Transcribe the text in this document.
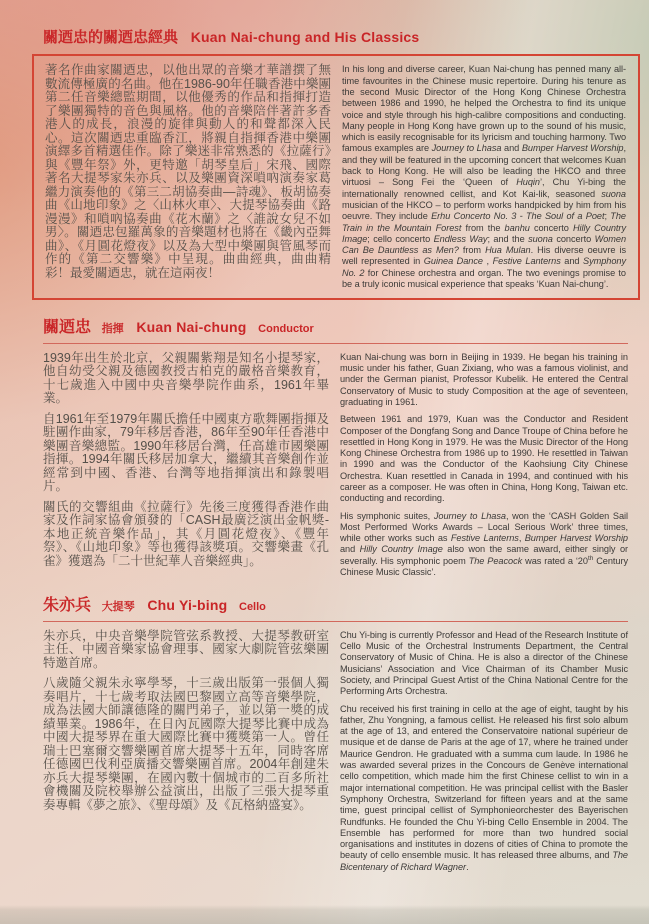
關迺忠的關迺忠經典 Kuan Nai-chung and His Classics

著名作曲家關迺忠，以他出眾的音樂才華譜撰了無數流傳極廣的名曲。他在1986-90年任職香港中樂團第二任音樂總監期間，以他優秀的作品和指揮打造了樂團獨特的音色與風格。他的音樂陪伴著許多香港人的成長，浪漫的旋律與動人的和聲都深入民心。這次關迺忠重臨香江，將親自指揮香港中樂團演繹多首精選佳作。除了樂迷非常熟悉的《拉薩行》與《豐年祭》外，更特邀「胡琴皇后」宋飛、國際著名大提琴家朱亦兵、以及樂團資深嗩吶演奏家葛繼力演奏他的《第三二胡協奏曲—詩魂》、板胡協奏曲《山地印象》之〈山林火車〉、大提琴協奏曲《路漫漫》和嗩吶協奏曲《花木蘭》之〈誰說女兒不如男〉。關迺忠包羅萬象的音樂題材也將在《畿內亞舞曲》、《月圓花燈夜》以及為大型中樂團與管風琴而作的《第二交響樂》中呈現。曲曲經典，曲曲精彩！最愛關迺忠，就在這兩夜！

In his long and diverse career, Kuan Nai-chung has penned many all-time favourites in the Chinese music repertoire. During his tenure as the second Music Director of the Hong Kong Chinese Orchestra between 1986 and 1990, he helped the Orchestra to find its unique voice and style through his high-calibre compositions and conducting. Many people in Hong Kong have grown up to the sound of his music, which is easily recognisable for its lyricism and touching harmony. Two famous examples are Journey to Lhasa and Bumper Harvest Worship, and they will be featured in the upcoming concert that welcomes Kuan back to Hong Kong. He will also be leading the HKCO and three virtuosi – Song Fei the ‘Queen of Huqin’, Chu Yi-bing the internationally renowned cellist, and Kot Kai-lik, seasoned suona musician of the HKCO – to perform works handpicked by him from his oeuvre. They include Erhu Concerto No. 3 - The Soul of a Poet; The Train in the Mountain Forest from the banhu concerto Hilly Country Image; cello concerto Endless Way; and the suona concerto Women Can Be Dauntless as Men? from Hua Mulan. His diverse oeuvre is well represented in Guinea Dance , Festive Lanterns and Symphony No. 2 for Chinese orchestra and organ. The two evenings promise to be a truly iconic musical experience that speaks ‘Kuan Nai-chung’.

關迺忠 指揮 Kuan Nai-chung Conductor

1939年出生於北京，父親關紫翔是知名小提琴家，他自幼受父親及德國教授古柏克的嚴格音樂教育，十七歲進入中國中央音樂學院作曲系，1961年畢業。

自1961年至1979年關氏擔任中國東方歌舞團指揮及駐團作曲家，79年移居香港，86年至90年任香港中樂團音樂總監。1990年移居台灣，任高雄市國樂團指揮。1994年關氏移居加拿大，繼續其音樂創作並經常到中國、香港、台灣等地指揮演出和錄製唱片。

關氏的交響組曲《拉薩行》先後三度獲得香港作曲家及作詞家協會頒發的「CASH最廣泛演出金帆獎-本地正統音樂作品」，其《月圓花燈夜》、《豐年祭》、《山地印象》等也獲得該獎項。交響樂畫《孔雀》獲選為「二十世紀華人音樂經典」。

Kuan Nai-chung was born in Beijing in 1939. He began his training in music under his father, Guan Zixiang, who was a famous violinist, and under the German pianist, Professor Kubelik. He entered the Central Conservatory of Music to study Composition at the age of seventeen, graduating in 1961.

Between 1961 and 1979, Kuan was the Conductor and Resident Composer of the Dongfang Song and Dance Troupe of China before he resettled in Hong Kong in 1979. He was the Music Director of the Hong Kong Chinese Orchestra from 1986 up to 1990. He resettled in Taiwan in 1990 and was the Conductor of the Kaohsiung City Chinese Orchestra. Kuan resettled in Canada in 1994, and continued with his career as a composer. He was often in China, Hong Kong, Taiwan etc. conducting and recording.

His symphonic suites, Journey to Lhasa, won the ‘CASH Golden Sail Most Performed Works Awards – Local Serious Work’ three times, while other works such as Festive Lanterns, Bumper Harvest Worship and Hilly Country Image also won the same award, either singly or severally. His symphonic poem The Peacock was rated a ‘20th Century Chinese Music Classic’.

朱亦兵 大提琴 Chu Yi-bing Cello

朱亦兵，中央音樂學院管弦系教授、大提琴教研室主任、中國音樂家協會理事、國家大劇院管弦樂團特邀首席。

八歲隨父親朱永寧學琴，十三歲出版第一張個人獨奏唱片，十七歲考取法國巴黎國立高等音樂學院，成為法國大師讓德隆的關門弟子，並以第一獎的成績畢業。1986年，在日內瓦國際大提琴比賽中成為中國大提琴界在重大國際比賽中獲獎第一人。曾任瑞士巴塞爾交響樂團首席大提琴十五年，同時客席任德國巴伐利亞廣播交響樂團首席。2004年創建朱亦兵大提琴樂團，在國內數十個城市的二百多所社會機關及院校舉辦公益演出，出版了三張大提琴重奏專輯《夢之旅》、《聖母頌》及《瓦格納盛宴》。

Chu Yi-bing is currently Professor and Head of the Research Institute of Cello Music of the Orchestral Instruments Department, the Central Conservatory of Music of China. He is also a director of the Chinese Musicians’ Association and Vice Chairman of its Chamber Music Society, and Principal Guest Artist of the China National Centre for the Performing Arts Orchestra.

Chu received his first training in cello at the age of eight, taught by his father, Zhu Yongning, a famous cellist. He released his first solo album at the age of 13, and entered the Conservatoire national supérieur de musique et de danse de Paris at the age of 17, where he trained under Maurice Gendron. He graduated with a summa cum laude. In 1986 he was awarded several prizes in the Concours de Genève international cello competition, which made him the first Chinese cellist to win in a major international competition. He was principal cellist with the Basler Symphony Orchestra, Switzerland for fifteen years and at the same time, guest principal cellist of Symphonieorchester des Bayerischen Rundfunks. He founded the Chu Yi-bing Cello Ensemble in 2004. The Ensemble has performed for more than two hundred social organisations and institutes in dozens of cities of China to promote the beauty of cello ensemble music. It has released three albums, and The Bicentenary of Richard Wagner.
